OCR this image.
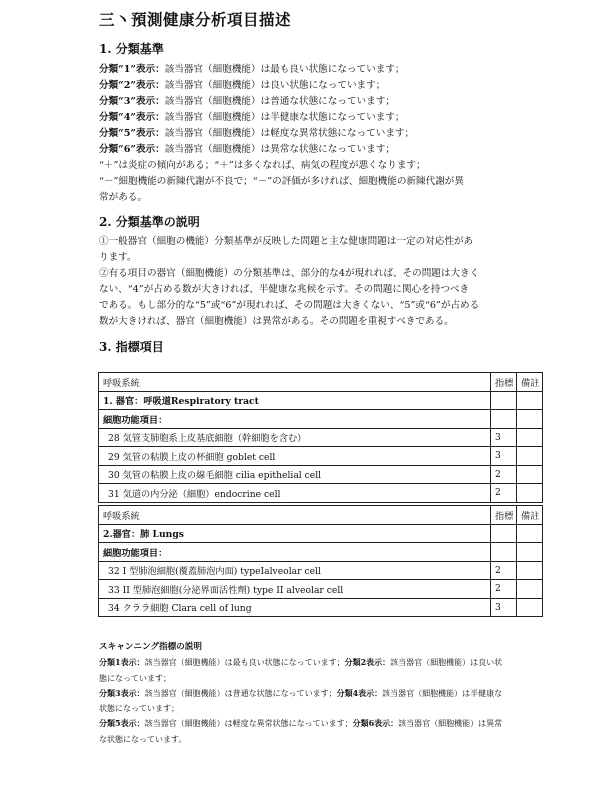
三丶預測健康分析項目描述
1. 分類基準
分類“1”表示：該当器官（細胞機能）は最も良い状態になっています；
分類“2”表示：該当器官（細胞機能）は良い状態になっています；
分類“3”表示：該当器官（細胞機能）は普通な状態になっています；
分類“4”表示：該当器官（細胞機能）は半健康な状態になっています；
分類“5”表示：該当器官（細胞機能）は軽度な異常状態になっています；
分類“6”表示：該当器官（細胞機能）は異常な状態になっています；
“＋”は炎症の傾向がある；“＋”は多くなれば、病気の程度が悪くなります；
“－”細胞機能の新陳代謝が不良で；“－”の評価が多ければ、細胞機能の新陳代謝が異
常がある。
2. 分類基準の説明
①一般器官（細胞の機能）分類基準が反映した問題と主な健康問題は一定の対応性があ
ります。
②有る項目の器官（細胞機能）の分類基準は、部分的な4が現れれば、その問題は大きく
ない、“4”が占める数が大きければ、半健康な兆候を示す。その問題に関心を持つべき
である。もし部分的な“5”或“6”が現れれば、その問題は大きくない、“5”或“6”が占める
数が大きければ、器官（細胞機能）は異常がある。その問題を重視すべきである。
3. 指標項目
呼吸系統	指標	備註
1. 器官：呼吸道Respiratory tract		
細胞功能項目：		
28 気管支肺胞系上皮基底細胞（幹細胞を含む）	3	
29 気管の粘膜上皮の杯細胞 goblet cell	3	
30 気管の粘膜上皮の線毛細胞 cilia epithelial cell	2	
31 気道の内分泌（細胞）endocrine cell	2	
呼吸系統	指標	備註
2.器官：肺 Lungs		
細胞功能項目：		
32 I 型肺泡細胞(覆蓋肺泡内面) typeⅠalveolar cell	2	
33 II 型肺泡細胞(分泌界面活性劑) type II alveolar cell	2	
34 クララ細胞 Clara cell of lung	3	
スキャンニング指標の説明
分類1表示：該当器官（細胞機能）は最も良い状態になっています；分類2表示：該当器官（細胞機能）は良い状
態になっています；
分類3表示：該当器官（細胞機能）は普通な状態になっています；分類4表示：該当器官（細胞機能）は半健康な
状態になっています；
分類5表示：該当器官（細胞機能）は軽度な異常状態になっています；分類6表示：該当器官（細胞機能）は異常
な状態になっています。
